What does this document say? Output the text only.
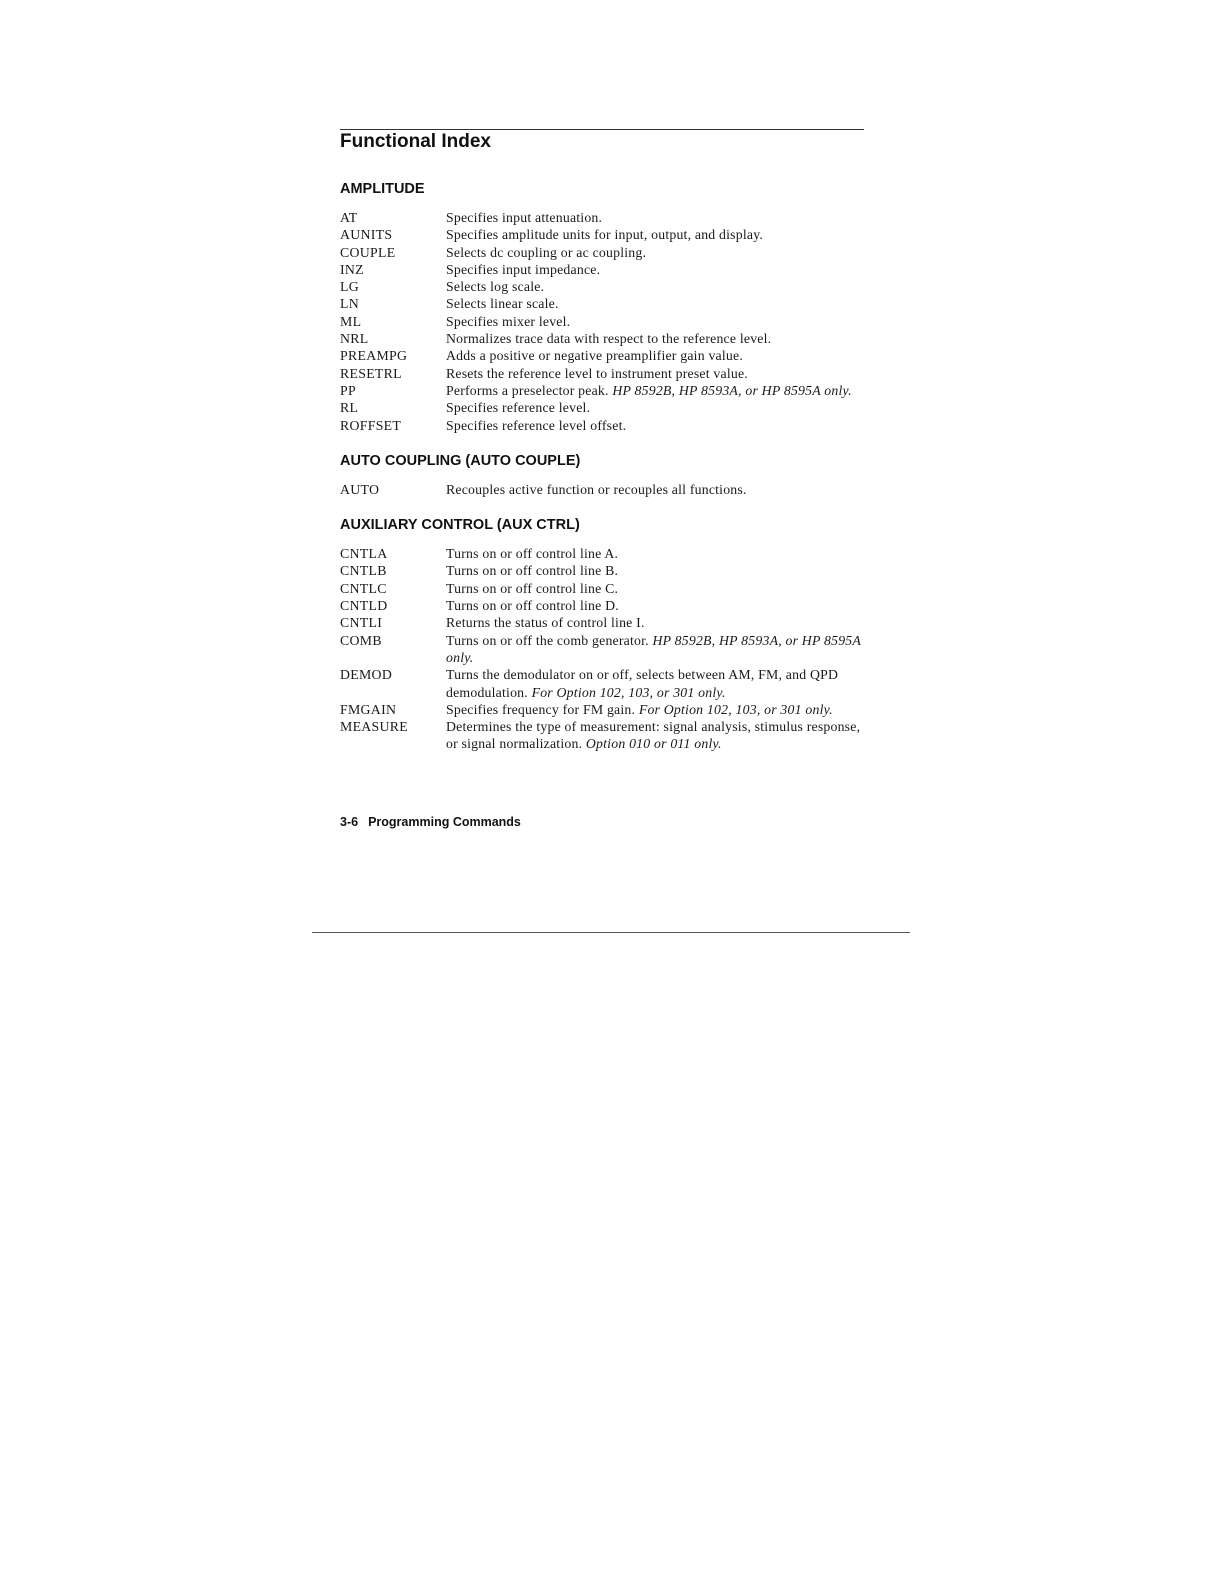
Functional Index
AMPLITUDE
AT	Specifies input attenuation.
AUNITS	Specifies amplitude units for input, output, and display.
COUPLE	Selects dc coupling or ac coupling.
INZ	Specifies input impedance.
LG	Selects log scale.
LN	Selects linear scale.
ML	Specifies mixer level.
NRL	Normalizes trace data with respect to the reference level.
PREAMPG	Adds a positive or negative preamplifier gain value.
RESETRL	Resets the reference level to instrument preset value.
PP	Performs a preselector peak. HP 8592B, HP 8593A, or HP 8595A only.
RL	Specifies reference level.
ROFFSET	Specifies reference level offset.
AUTO COUPLING (AUTO COUPLE)
AUTO	Recouples active function or recouples all functions.
AUXILIARY CONTROL (AUX CTRL)
CNTLA	Turns on or off control line A.
CNTLB	Turns on or off control line B.
CNTLC	Turns on or off control line C.
CNTLD	Turns on or off control line D.
CNTLI	Returns the status of control line I.
COMB	Turns on or off the comb generator. HP 8592B, HP 8593A, or HP 8595A only.
DEMOD	Turns the demodulator on or off, selects between AM, FM, and QPD demodulation. For Option 102, 103, or 301 only.
FMGAIN	Specifies frequency for FM gain. For Option 102, 103, or 301 only.
MEASURE	Determines the type of measurement: signal analysis, stimulus response, or signal normalization. Option 010 or 011 only.
3-6 Programming Commands
